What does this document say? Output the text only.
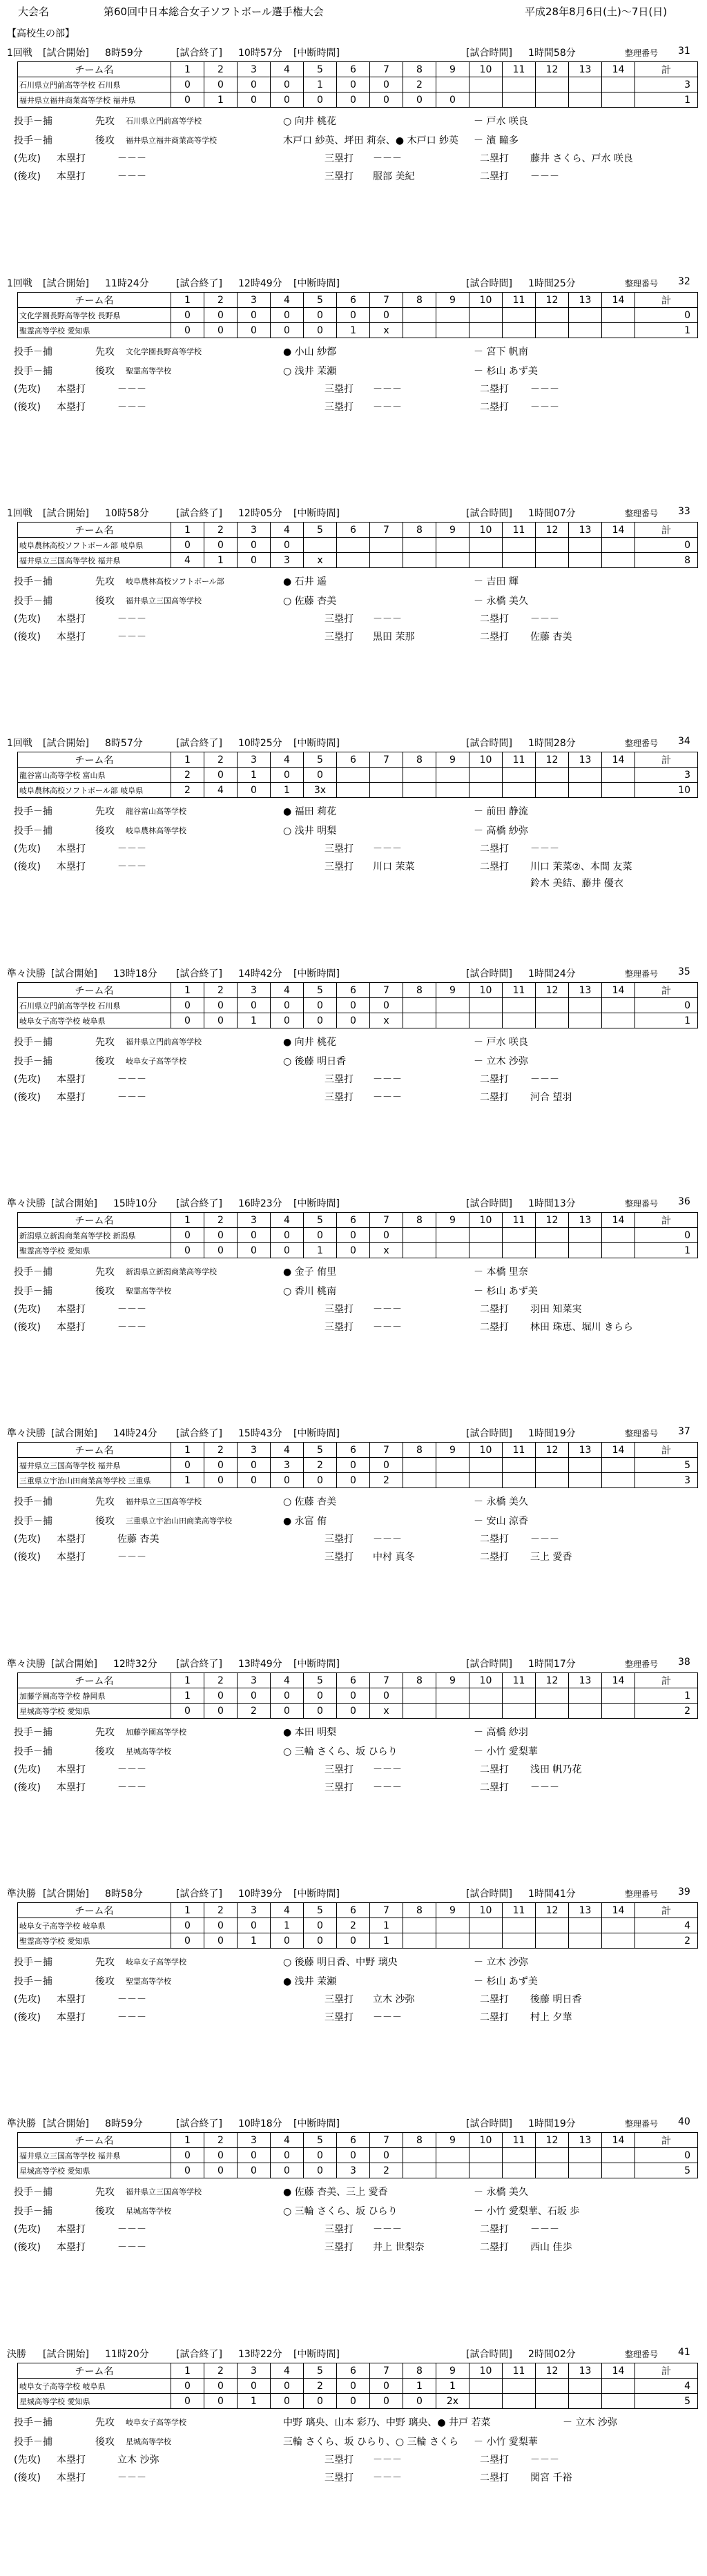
大会名	第60回中日本総合女子ソフトボール選手権大会	平成28年8月6日(土)～7日(日)
【高校生の部】
1回戦 [試合開始] 8時59分	[試合終了] 10時57分 [中断時間]	[試合時間] 1時間58分	整理番号 31
チーム名	1	2	3	4	5	6	7	8	9	10	11	12	13	14	計
石川県立門前高等学校 石川県	0	0	0	0	1	0	0	2							3
福井県立福井商業高等学校 福井県	0	1	0	0	0	0	0	0	0						1
投手－捕	先攻 石川県立門前高等学校	○ 向井 桃花	－ 戸水 咲良
投手－捕	後攻 福井県立福井商業高等学校	木戸口 紗英、坪田 莉奈、● 木戸口 紗英 － 濱 瞳多
(先攻) 本塁打	－－－	三塁打 －－－	二塁打 藤井 さくら、戸水 咲良
(後攻) 本塁打	－－－	三塁打 服部 美紀	二塁打 －－－
1回戦 [試合開始] 11時24分	[試合終了] 12時49分 [中断時間]	[試合時間] 1時間25分	整理番号 32
チーム名	1	2	3	4	5	6	7	8	9	10	11	12	13	14	計
文化学園長野高等学校 長野県	0	0	0	0	0	0	0								0
聖霊高等学校 愛知県	0	0	0	0	0	1	x								1
投手－捕	先攻 文化学園長野高等学校	● 小山 紗都	－ 宮下 帆南
投手－捕	後攻 聖霊高等学校	○ 浅井 茉瀬	－ 杉山 あず美
(先攻) 本塁打	－－－	三塁打 －－－	二塁打 －－－
(後攻) 本塁打	－－－	三塁打 －－－	二塁打 －－－
1回戦 [試合開始] 10時58分	[試合終了] 12時05分 [中断時間]	[試合時間] 1時間07分	整理番号 33
チーム名	1	2	3	4	5	6	7	8	9	10	11	12	13	14	計
岐阜農林高校ソフトボール部 岐阜県	0	0	0	0											0
福井県立三国高等学校 福井県	4	1	0	3	x										8
投手－捕	先攻 岐阜農林高校ソフトボール部	● 石井 遥	－ 吉田 輝
投手－捕	後攻 福井県立三国高等学校	○ 佐藤 杏美	－ 永橋 美久
(先攻) 本塁打	－－－	三塁打 －－－	二塁打 －－－
(後攻) 本塁打	－－－	三塁打 黒田 茉那	二塁打 佐藤 杏美
1回戦 [試合開始] 8時57分	[試合終了] 10時25分 [中断時間]	[試合時間] 1時間28分	整理番号 34
チーム名	1	2	3	4	5	6	7	8	9	10	11	12	13	14	計
龍谷富山高等学校 富山県	2	0	1	0	0										3
岐阜農林高校ソフトボール部 岐阜県	2	4	0	1	3x										10
投手－捕	先攻 龍谷富山高等学校	● 福田 莉花	－ 前田 静流
投手－捕	後攻 岐阜農林高等学校	○ 浅井 明梨	－ 高橋 紗弥
(先攻) 本塁打	－－－	三塁打 －－－	二塁打 －－－
(後攻) 本塁打	－－－	三塁打 川口 茉菜	二塁打 川口 茉菜②、本間 友菜
鈴木 美結、藤井 優衣
準々決勝 [試合開始] 13時18分 [試合終了] 14時42分 [中断時間]	[試合時間] 1時間24分	整理番号 35
チーム名	1	2	3	4	5	6	7	8	9	10	11	12	13	14	計
石川県立門前高等学校 石川県	0	0	0	0	0	0	0								0
岐阜女子高等学校 岐阜県	0	0	1	0	0	0	x								1
投手－捕	先攻 福井県立門前高等学校	● 向井 桃花	－ 戸水 咲良
投手－捕	後攻 岐阜女子高等学校	○ 後藤 明日香	－ 立木 沙弥
(先攻) 本塁打	－－－	三塁打 －－－	二塁打 －－－
(後攻) 本塁打	－－－	三塁打 －－－	二塁打 河合 望羽
準々決勝 [試合開始] 15時10分 [試合終了] 16時23分 [中断時間]	[試合時間] 1時間13分	整理番号 36
チーム名	1	2	3	4	5	6	7	8	9	10	11	12	13	14	計
新潟県立新潟商業高等学校 新潟県	0	0	0	0	0	0	0								0
聖霊高等学校 愛知県	0	0	0	0	1	0	x								1
投手－捕	先攻 新潟県立新潟商業高等学校	● 金子 侑里	－ 本橋 里奈
投手－捕	後攻 聖霊高等学校	○ 香川 桃南	－ 杉山 あず美
(先攻) 本塁打	－－－	三塁打 －－－	二塁打 羽田 知菜実
(後攻) 本塁打	－－－	三塁打 －－－	二塁打 林田 珠恵、堀川 きらら
準々決勝 [試合開始] 14時24分 [試合終了] 15時43分 [中断時間]	[試合時間] 1時間19分	整理番号 37
チーム名	1	2	3	4	5	6	7	8	9	10	11	12	13	14	計
福井県立三国高等学校 福井県	0	0	0	3	2	0	0								5
三重県立宇治山田商業高等学校 三重県	1	0	0	0	0	0	2								3
投手－捕	先攻 福井県立三国高等学校	○ 佐藤 杏美	－ 永橋 美久
投手－捕	後攻 三重県立宇治山田商業高等学校	● 永富 侑	－ 安山 涼香
(先攻) 本塁打	佐藤 杏美	三塁打 －－－	二塁打 －－－
(後攻) 本塁打	－－－	三塁打 中村 真冬	二塁打 三上 愛香
準々決勝 [試合開始] 12時32分 [試合終了] 13時49分 [中断時間]	[試合時間] 1時間17分	整理番号 38
チーム名	1	2	3	4	5	6	7	8	9	10	11	12	13	14	計
加藤学園高等学校 静岡県	1	0	0	0	0	0	0								1
星城高等学校 愛知県	0	0	2	0	0	0	x								2
投手－捕	先攻 加藤学園高等学校	● 本田 明梨	－ 高橋 紗羽
投手－捕	後攻 星城高等学校	○ 三輪 さくら、坂 ひらり	－ 小竹 愛梨華
(先攻) 本塁打	－－－	三塁打 －－－	二塁打 浅田 帆乃花
(後攻) 本塁打	－－－	三塁打 －－－	二塁打 －－－
準決勝 [試合開始] 8時58分	[試合終了] 10時39分 [中断時間]	[試合時間] 1時間41分	整理番号 39
チーム名	1	2	3	4	5	6	7	8	9	10	11	12	13	14	計
岐阜女子高等学校 岐阜県	0	0	0	1	0	2	1								4
聖霊高等学校 愛知県	0	0	1	0	0	0	1								2
投手－捕	先攻 岐阜女子高等学校	○ 後藤 明日香、中野 璃央	－ 立木 沙弥
投手－捕	後攻 聖霊高等学校	● 浅井 茉瀬	－ 杉山 あず美
(先攻) 本塁打	－－－	三塁打 立木 沙弥	二塁打 後藤 明日香
(後攻) 本塁打	－－－	三塁打 －－－	二塁打 村上 夕華
準決勝 [試合開始] 8時59分	[試合終了] 10時18分 [中断時間]	[試合時間] 1時間19分	整理番号 40
チーム名	1	2	3	4	5	6	7	8	9	10	11	12	13	14	計
福井県立三国高等学校 福井県	0	0	0	0	0	0	0								0
星城高等学校 愛知県	0	0	0	0	0	3	2								5
投手－捕	先攻 福井県立三国高等学校	● 佐藤 杏美、三上 愛香	－ 永橋 美久
投手－捕	後攻 星城高等学校	○ 三輪 さくら、坂 ひらり	－ 小竹 愛梨華、石坂 歩
(先攻) 本塁打	－－－	三塁打 －－－	二塁打 －－－
(後攻) 本塁打	－－－	三塁打 井上 世梨奈	二塁打 西山 佳歩
決勝 [試合開始] 11時20分	[試合終了] 13時22分 [中断時間]	[試合時間] 2時間02分	整理番号 41
チーム名	1	2	3	4	5	6	7	8	9	10	11	12	13	14	計
岐阜女子高等学校 岐阜県	0	0	0	0	2	0	0	1	1						4
星城高等学校 愛知県	0	0	1	0	0	0	0	0	2x						5
投手－捕	先攻 岐阜女子高等学校	中野 璃央、山本 彩乃、中野 璃央、● 井戸 若菜	－ 立木 沙弥
投手－捕	後攻 星城高等学校	三輪 さくら、坂 ひらり、○ 三輪 さくら － 小竹 愛梨華
(先攻) 本塁打	立木 沙弥	三塁打 －－－	二塁打 －－－
(後攻) 本塁打	－－－	三塁打 －－－	二塁打 関宮 千裕
